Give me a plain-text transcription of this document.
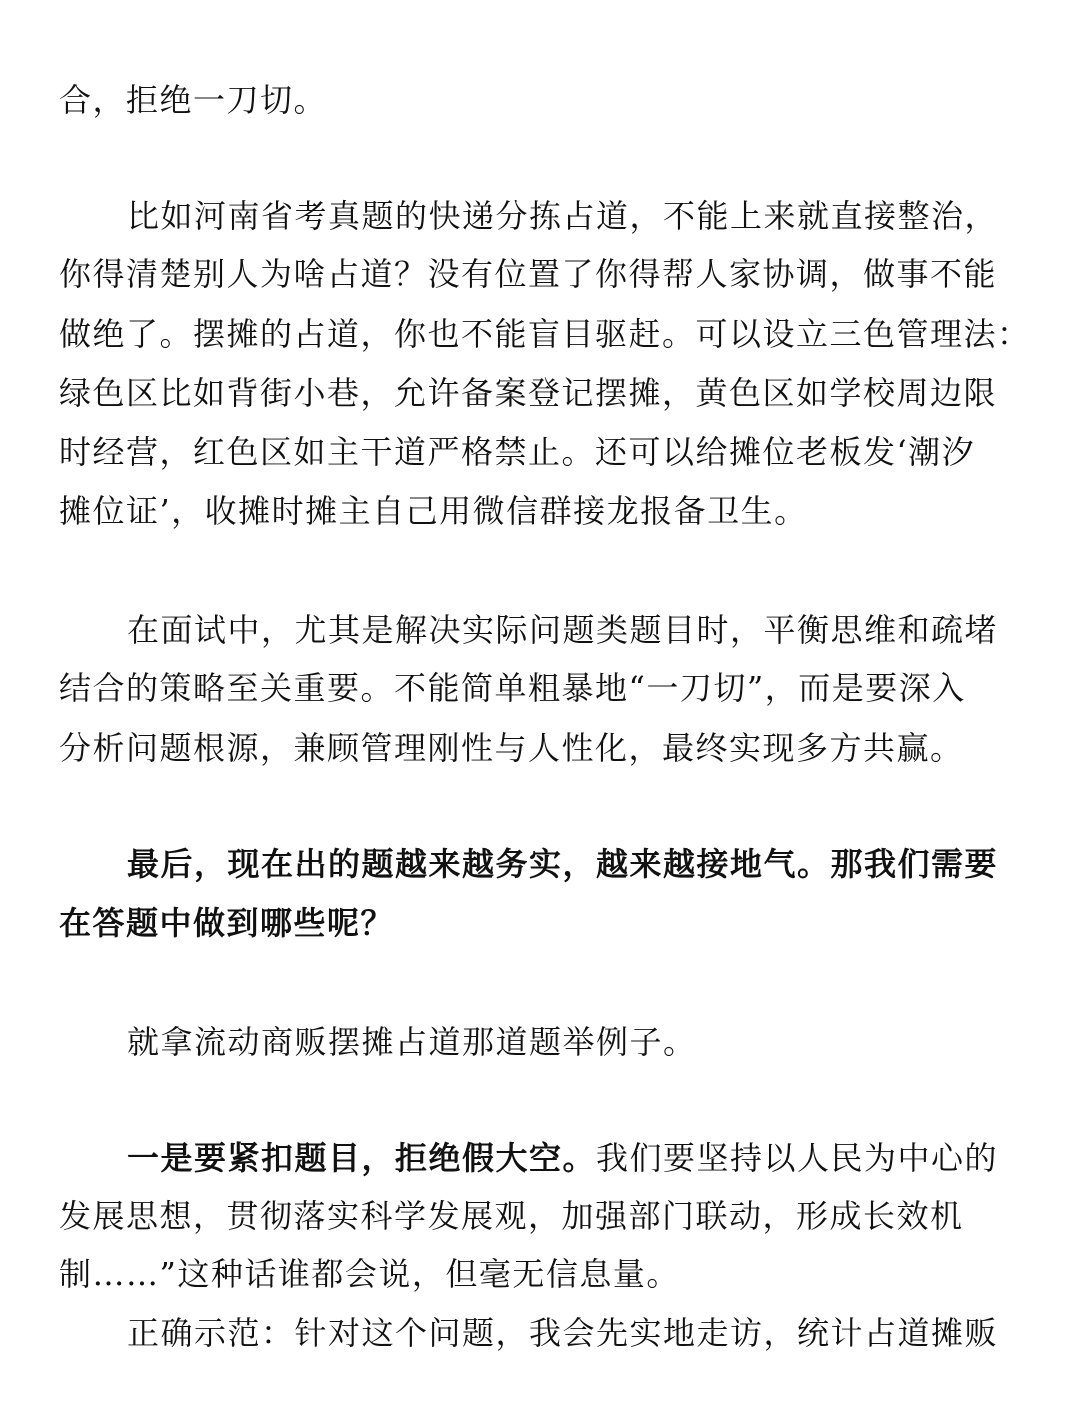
合，拒绝一刀切。
比如河南省考真题的快递分拣占道，不能上来就直接整治，
你得清楚别人为啥占道？没有位置了你得帮人家协调，做事不能
做绝了。摆摊的占道，你也不能盲目驱赶。可以设立三色管理法：
绿色区比如背街小巷，允许备案登记摆摊，黄色区如学校周边限
时经营，红色区如主干道严格禁止。还可以给摊位老板发‘潮汐
摊位证’，收摊时摊主自己用微信群接龙报备卫生。
在面试中，尤其是解决实际问题类题目时，平衡思维和疏堵
结合的策略至关重要。不能简单粗暴地“一刀切”，而是要深入
分析问题根源，兼顾管理刚性与人性化，最终实现多方共赢。
最后，现在出的题越来越务实，越来越接地气。那我们需要
在答题中做到哪些呢？
就拿流动商贩摆摊占道那道题举例子。
一是要紧扣题目，拒绝假大空。我们要坚持以人民为中心的
发展思想，贯彻落实科学发展观，加强部门联动，形成长效机
制……”这种话谁都会说，但毫无信息量。
正确示范：针对这个问题，我会先实地走访，统计占道摊贩
